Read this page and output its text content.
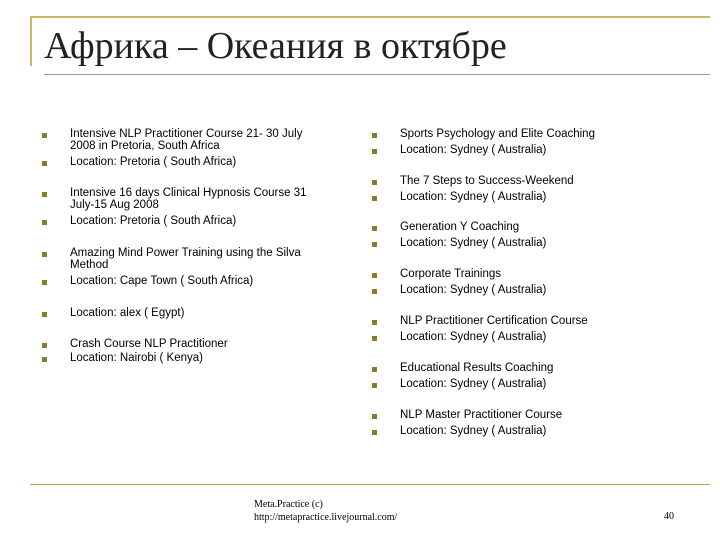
Африка – Океания в октябре
Intensive NLP Practitioner Course 21- 30 July
2008 in Pretoria, South Africa
Location: Pretoria ( South Africa)
Intensive 16 days Clinical Hypnosis Course 31
July-15 Aug 2008
Location: Pretoria ( South Africa)
Amazing Mind Power Training using the Silva
Method
Location: Cape Town ( South Africa)
Location: alex ( Egypt)
Crash Course NLP Practitioner
Location: Nairobi ( Kenya)
Sports Psychology and Elite Coaching
Location: Sydney ( Australia)
The 7 Steps to Success-Weekend
Location: Sydney ( Australia)
Generation Y Coaching
Location: Sydney ( Australia)
Corporate Trainings
Location: Sydney ( Australia)
NLP Practitioner Certification Course
Location: Sydney ( Australia)
Educational Results Coaching
Location: Sydney ( Australia)
NLP Master Practitioner Course
Location: Sydney ( Australia)
Meta.Practice (c)
http://metapractice.livejournal.com/	40
